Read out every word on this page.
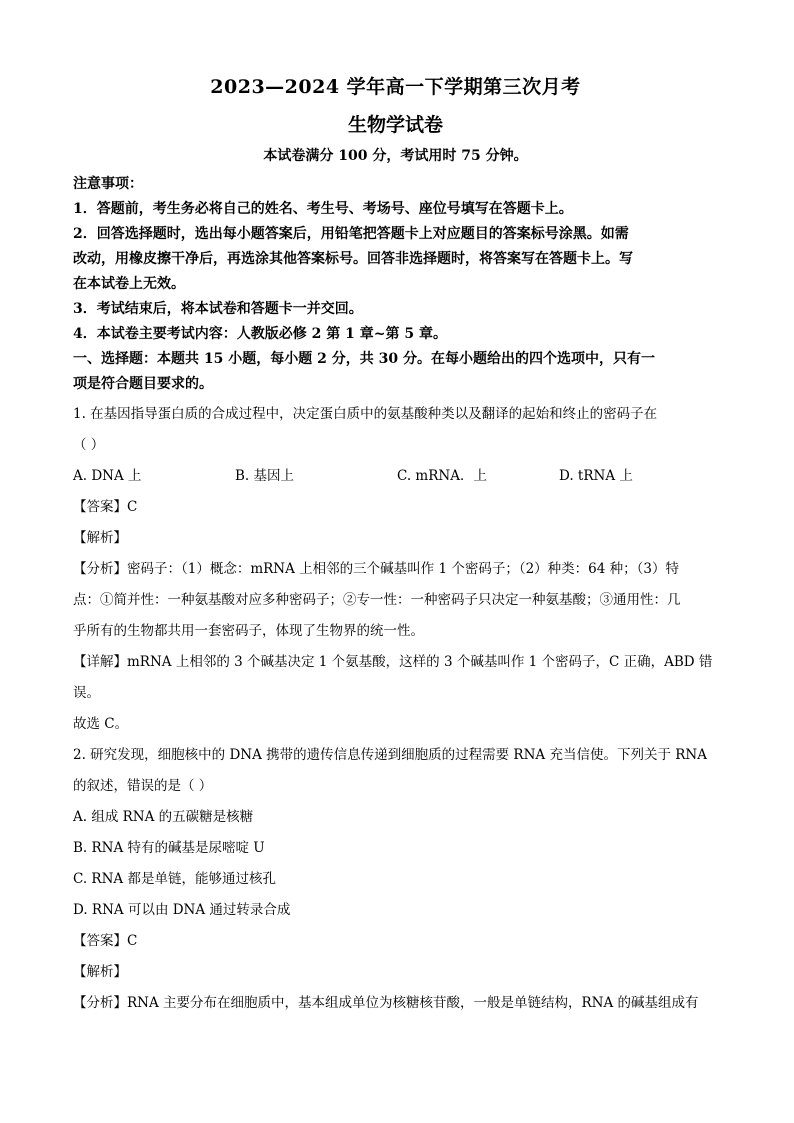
2023—2024 学年高一下学期第三次月考
生物学试卷
本试卷满分 100 分，考试用时 75 分钟。

注意事项：

1．答题前，考生务必将自己的姓名、考生号、考场号、座位号填写在答题卡上。

2．回答选择题时，选出每小题答案后，用铅笔把答题卡上对应题目的答案标号涂黑。如需

改动，用橡皮擦干净后，再选涂其他答案标号。回答非选择题时，将答案写在答题卡上。写

在本试卷上无效。

3．考试结束后，将本试卷和答题卡一并交回。

4．本试卷主要考试内容：人教版必修 2 第 1 章~第 5 章。

一、选择题：本题共 15 小题，每小题 2 分，共 30 分。在每小题给出的四个选项中，只有一

项是符合题目要求的。

1. 在基因指导蛋白质的合成过程中，决定蛋白质中的氨基酸种类以及翻译的起始和终止的密码子在

（ ）

A. DNA 上	B. 基因上	C. mRNA．上	D. tRNA 上

【答案】C

【解析】

【分析】密码子：（1）概念：mRNA 上相邻的三个碱基叫作 1 个密码子；（2）种类：64 种；（3）特

点：①简并性：一种氨基酸对应多种密码子；②专一性：一种密码子只决定一种氨基酸；③通用性：几

乎所有的生物都共用一套密码子，体现了生物界的统一性。

【详解】mRNA 上相邻的 3 个碱基决定 1 个氨基酸，这样的 3 个碱基叫作 1 个密码子，C 正确，ABD 错

误。

故选 C。

2. 研究发现，细胞核中的 DNA 携带的遗传信息传递到细胞质的过程需要 RNA 充当信使。下列关于 RNA

的叙述，错误的是（ ）

A. 组成 RNA 的五碳糖是核糖

B. RNA 特有的碱基是尿嘧啶 U

C. RNA 都是单链，能够通过核孔

D. RNA 可以由 DNA 通过转录合成

【答案】C

【解析】

【分析】RNA 主要分布在细胞质中，基本组成单位为核糖核苷酸，一般是单链结构，RNA 的碱基组成有
